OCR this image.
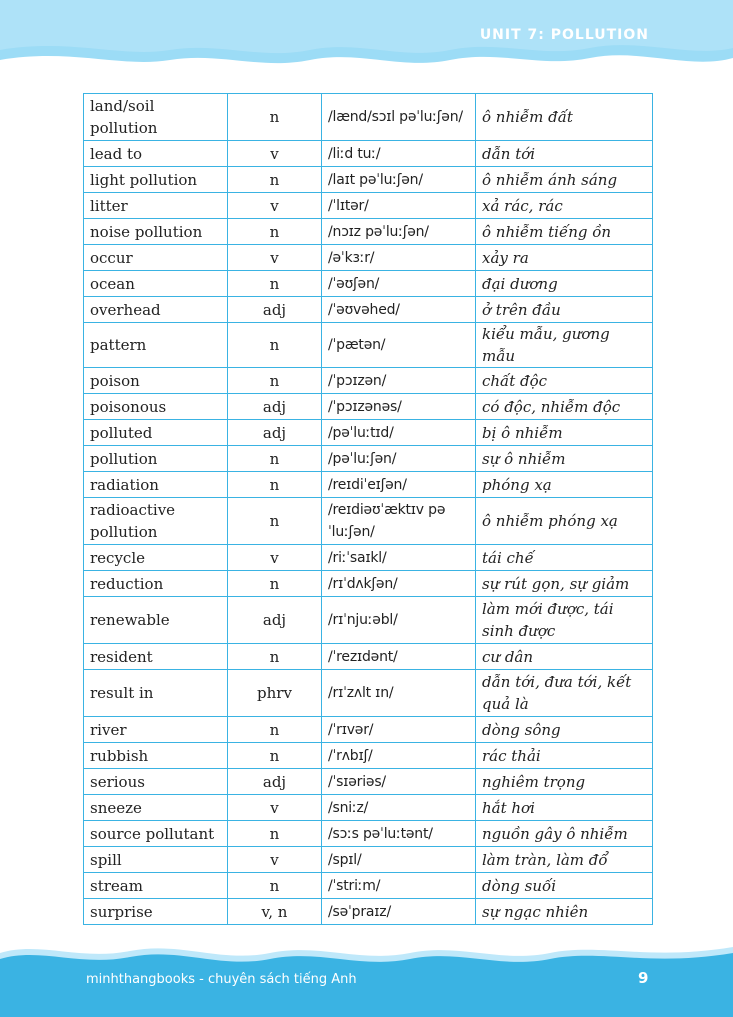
UNIT 7: POLLUTION
land/soil pollution	n	/lænd/sɔɪl pəˈluːʃən/	ô nhiễm đất
lead to	v	/liːd tuː/	dẫn tới
light pollution	n	/laɪt pəˈluːʃən/	ô nhiễm ánh sáng
litter	v	/ˈlɪtər/	xả rác, rác
noise pollution	n	/nɔɪz pəˈluːʃən/	ô nhiễm tiếng ồn
occur	v	/əˈkɜːr/	xảy ra
ocean	n	/ˈəʊʃən/	đại dương
overhead	adj	/ˈəʊvəhed/	ở trên đầu
pattern	n	/ˈpætən/	kiểu mẫu, gương mẫu
poison	n	/ˈpɔɪzən/	chất độc
poisonous	adj	/ˈpɔɪzənəs/	có độc, nhiễm độc
polluted	adj	/pəˈluːtɪd/	bị ô nhiễm
pollution	n	/pəˈluːʃən/	sự ô nhiễm
radiation	n	/reɪdiˈeɪʃən/	phóng xạ
radioactive pollution	n	/reɪdiəʊˈæktɪv pəˈluːʃən/	ô nhiễm phóng xạ
recycle	v	/riːˈsaɪkl/	tái chế
reduction	n	/rɪˈdʌkʃən/	sự rút gọn, sự giảm
renewable	adj	/rɪˈnjuːəbl/	làm mới được, tái sinh được
resident	n	/ˈrezɪdənt/	cư dân
result in	phrv	/rɪˈzʌlt ɪn/	dẫn tới, đưa tới, kết quả là
river	n	/ˈrɪvər/	dòng sông
rubbish	n	/ˈrʌbɪʃ/	rác thải
serious	adj	/ˈsɪəriəs/	nghiêm trọng
sneeze	v	/sniːz/	hắt hơi
source pollutant	n	/sɔːs pəˈluːtənt/	nguồn gây ô nhiễm
spill	v	/spɪl/	làm tràn, làm đổ
stream	n	/ˈstriːm/	dòng suối
surprise	v, n	/səˈpraɪz/	sự ngạc nhiên
minhthangbooks - chuyên sách tiếng Anh	9
